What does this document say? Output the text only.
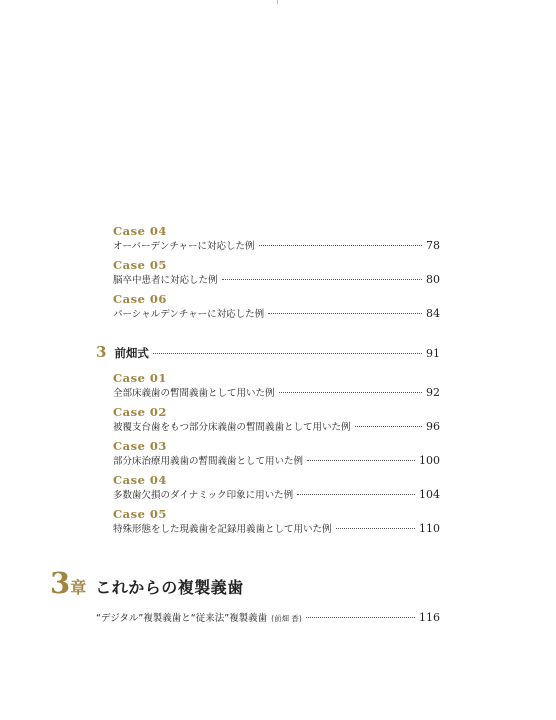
Case 04
オーバーデンチャーに対応した例	78
Case 05
脳卒中患者に対応した例	80
Case 06
パーシャルデンチャーに対応した例	84
3 前畑式	91
Case 01
全部床義歯の暫間義歯として用いた例	92
Case 02
被覆支台歯をもつ部分床義歯の暫間義歯として用いた例	96
Case 03
部分床治療用義歯の暫間義歯として用いた例	100
Case 04
多数歯欠損のダイナミック印象に用いた例	104
Case 05
特殊形態をした現義歯を記録用義歯として用いた例	110
3 章 これからの複製義歯
“デジタル”複製義歯と“従来法”複製義歯 (前畑 香)	116
